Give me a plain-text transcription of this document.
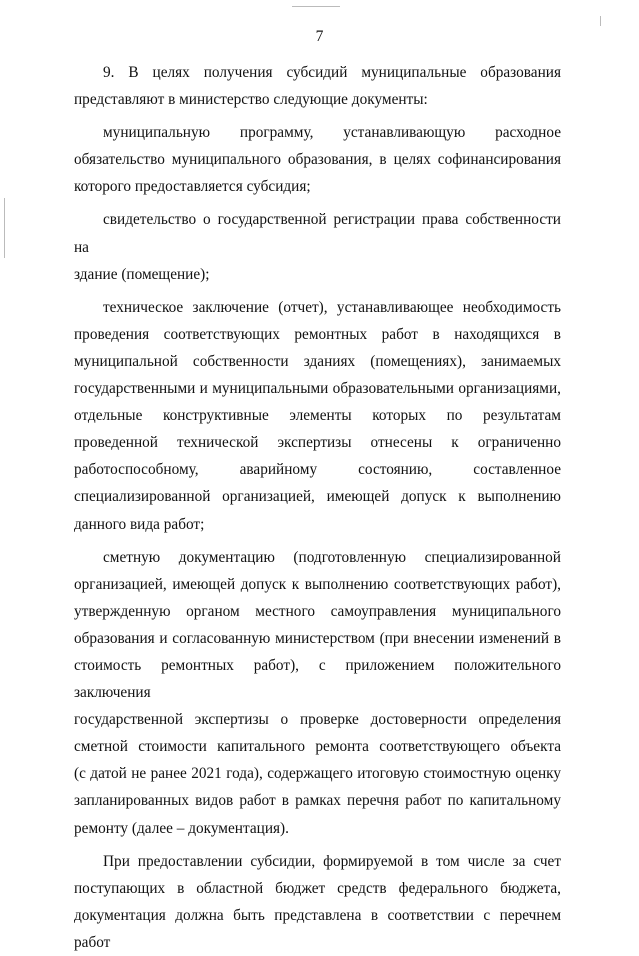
7
9. В целях получения субсидий муниципальные образования
представляют в министерство следующие документы:
муниципальную программу, устанавливающую расходное
обязательство муниципального образования, в целях софинансирования
которого предоставляется субсидия;
свидетельство о государственной регистрации права собственности на
здание (помещение);
техническое заключение (отчет), устанавливающее необходимость
проведения соответствующих ремонтных работ в находящихся в
муниципальной собственности зданиях (помещениях), занимаемых
государственными и муниципальными образовательными организациями,
отдельные конструктивные элементы которых по результатам
проведенной технической экспертизы отнесены к ограниченно
работоспособному, аварийному состоянию, составленное
специализированной организацией, имеющей допуск к выполнению
данного вида работ;
сметную документацию (подготовленную специализированной
организацией, имеющей допуск к выполнению соответствующих работ),
утвержденную органом местного самоуправления муниципального
образования и согласованную министерством (при внесении изменений в
стоимость ремонтных работ), с приложением положительного заключения
государственной экспертизы о проверке достоверности определения
сметной стоимости капитального ремонта соответствующего объекта
(с датой не ранее 2021 года), содержащего итоговую стоимостную оценку
запланированных видов работ в рамках перечня работ по капитальному
ремонту (далее – документация).
При предоставлении субсидии, формируемой в том числе за счет
поступающих в областной бюджет средств федерального бюджета,
документация должна быть представлена в соответствии с перечнем работ
